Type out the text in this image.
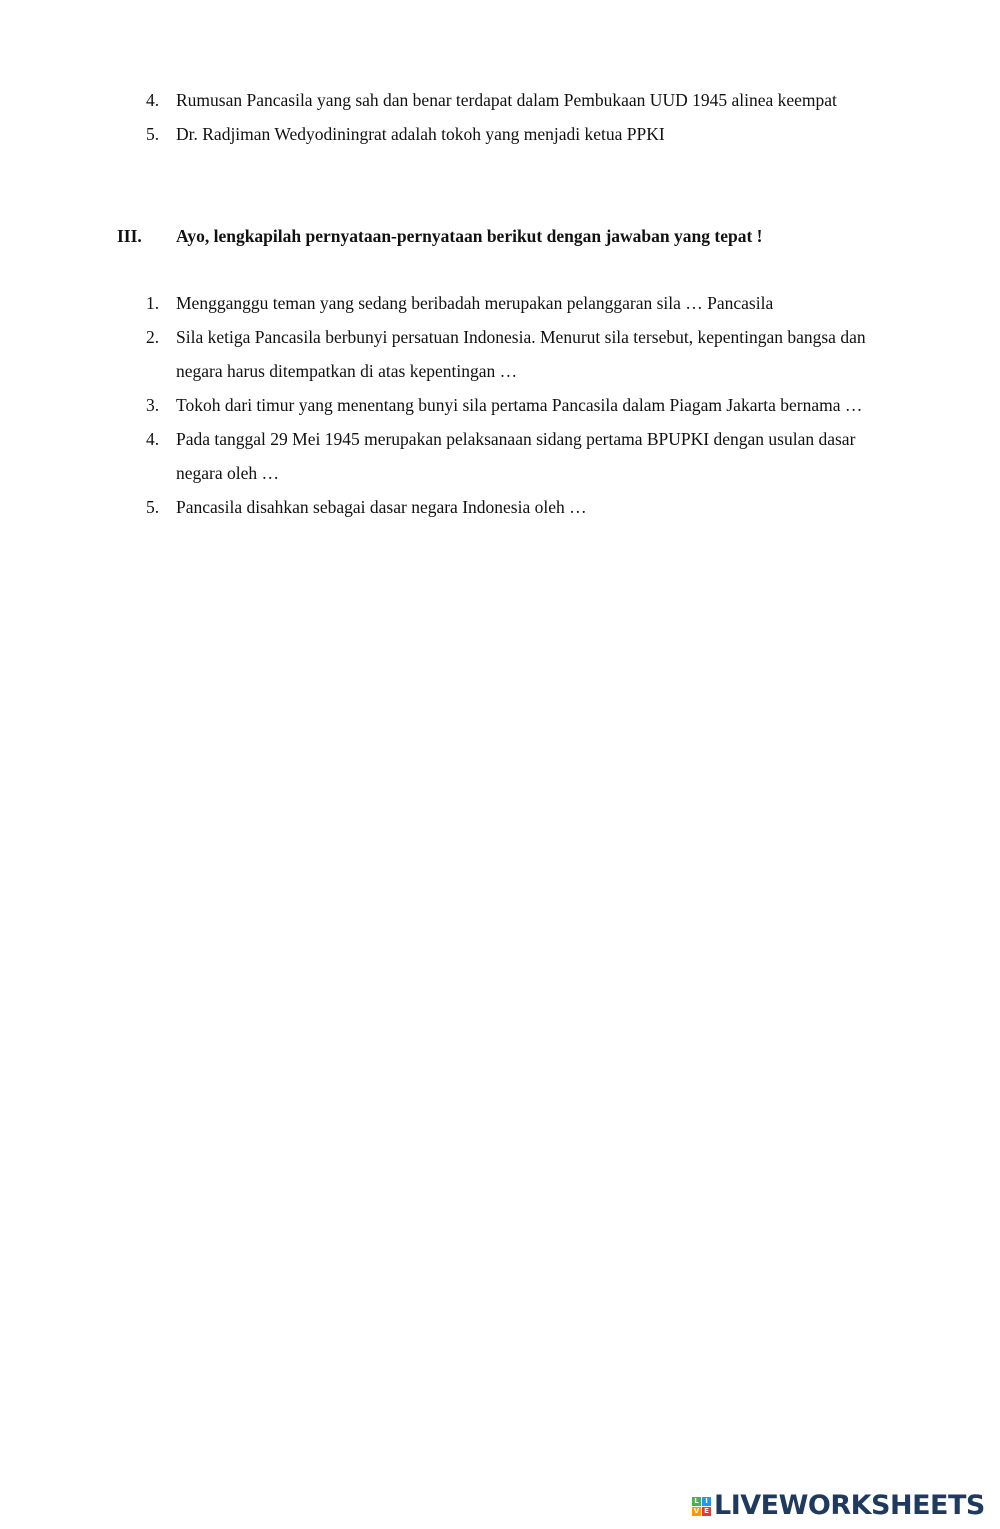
4. Rumusan Pancasila yang sah dan benar terdapat dalam Pembukaan UUD 1945 alinea keempat
5. Dr. Radjiman Wedyodiningrat adalah tokoh yang menjadi ketua PPKI
III. Ayo, lengkapilah pernyataan-pernyataan berikut dengan jawaban yang tepat !
1. Mengganggu teman yang sedang beribadah merupakan pelanggaran sila … Pancasila
2. Sila ketiga Pancasila berbunyi persatuan Indonesia. Menurut sila tersebut, kepentingan bangsa dan negara harus ditempatkan di atas kepentingan …
3. Tokoh dari timur yang menentang bunyi sila pertama Pancasila dalam Piagam Jakarta bernama …
4. Pada tanggal 29 Mei 1945 merupakan pelaksanaan sidang pertama BPUPKI dengan usulan dasar negara oleh …
5. Pancasila disahkan sebagai dasar negara Indonesia oleh …
L I
V E LIVEWORKSHEETS
